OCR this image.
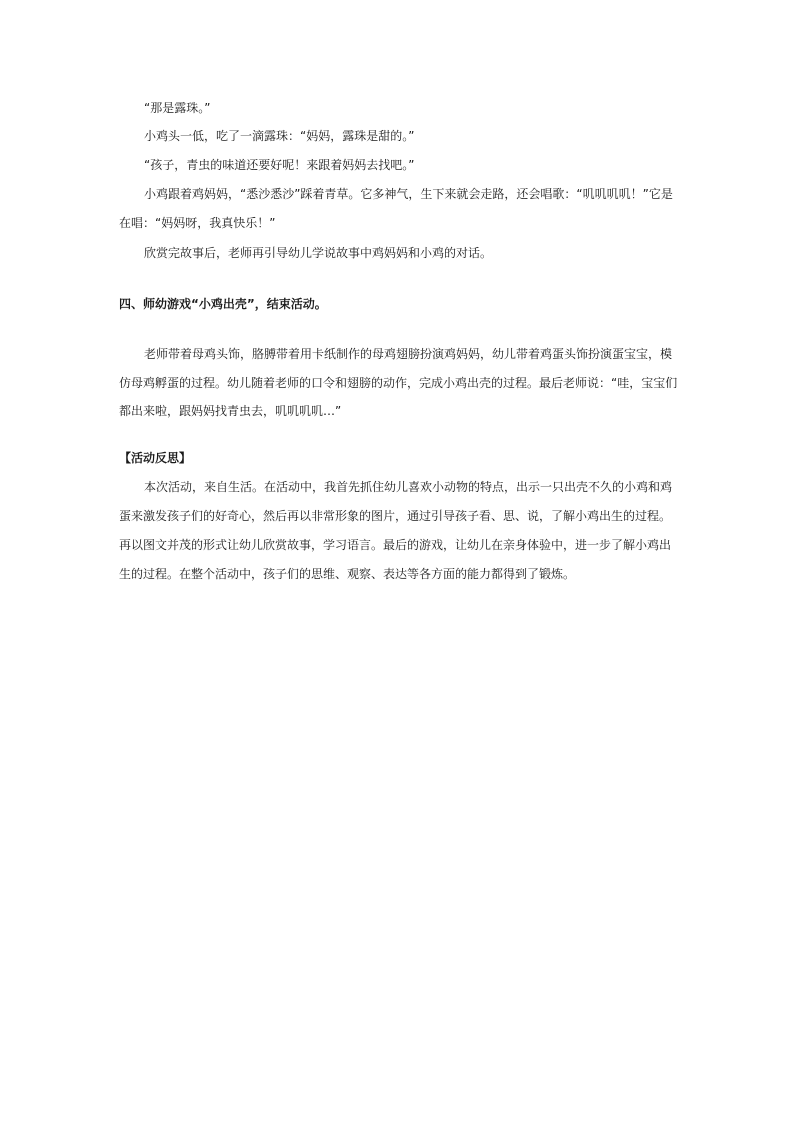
“那是露珠。”
小鸡头一低，吃了一滴露珠：“妈妈，露珠是甜的。”
“孩子，青虫的味道还要好呢！来跟着妈妈去找吧。”
小鸡跟着鸡妈妈，“悉沙悉沙”踩着青草。它多神气，生下来就会走路，还会唱歌：“叽叽叽叽！”它是
在唱：“妈妈呀，我真快乐！”
欣赏完故事后，老师再引导幼儿学说故事中鸡妈妈和小鸡的对话。
四、师幼游戏“小鸡出壳”，结束活动。
老师带着母鸡头饰，胳膊带着用卡纸制作的母鸡翅膀扮演鸡妈妈，幼儿带着鸡蛋头饰扮演蛋宝宝，模
仿母鸡孵蛋的过程。幼儿随着老师的口令和翅膀的动作，完成小鸡出壳的过程。最后老师说：“哇，宝宝们
都出来啦，跟妈妈找青虫去，叽叽叽叽…”
【活动反思】
本次活动，来自生活。在活动中，我首先抓住幼儿喜欢小动物的特点，出示一只出壳不久的小鸡和鸡
蛋来激发孩子们的好奇心，然后再以非常形象的图片，通过引导孩子看、思、说，了解小鸡出生的过程。
再以图文并茂的形式让幼儿欣赏故事，学习语言。最后的游戏，让幼儿在亲身体验中，进一步了解小鸡出
生的过程。在整个活动中，孩子们的思维、观察、表达等各方面的能力都得到了锻炼。
